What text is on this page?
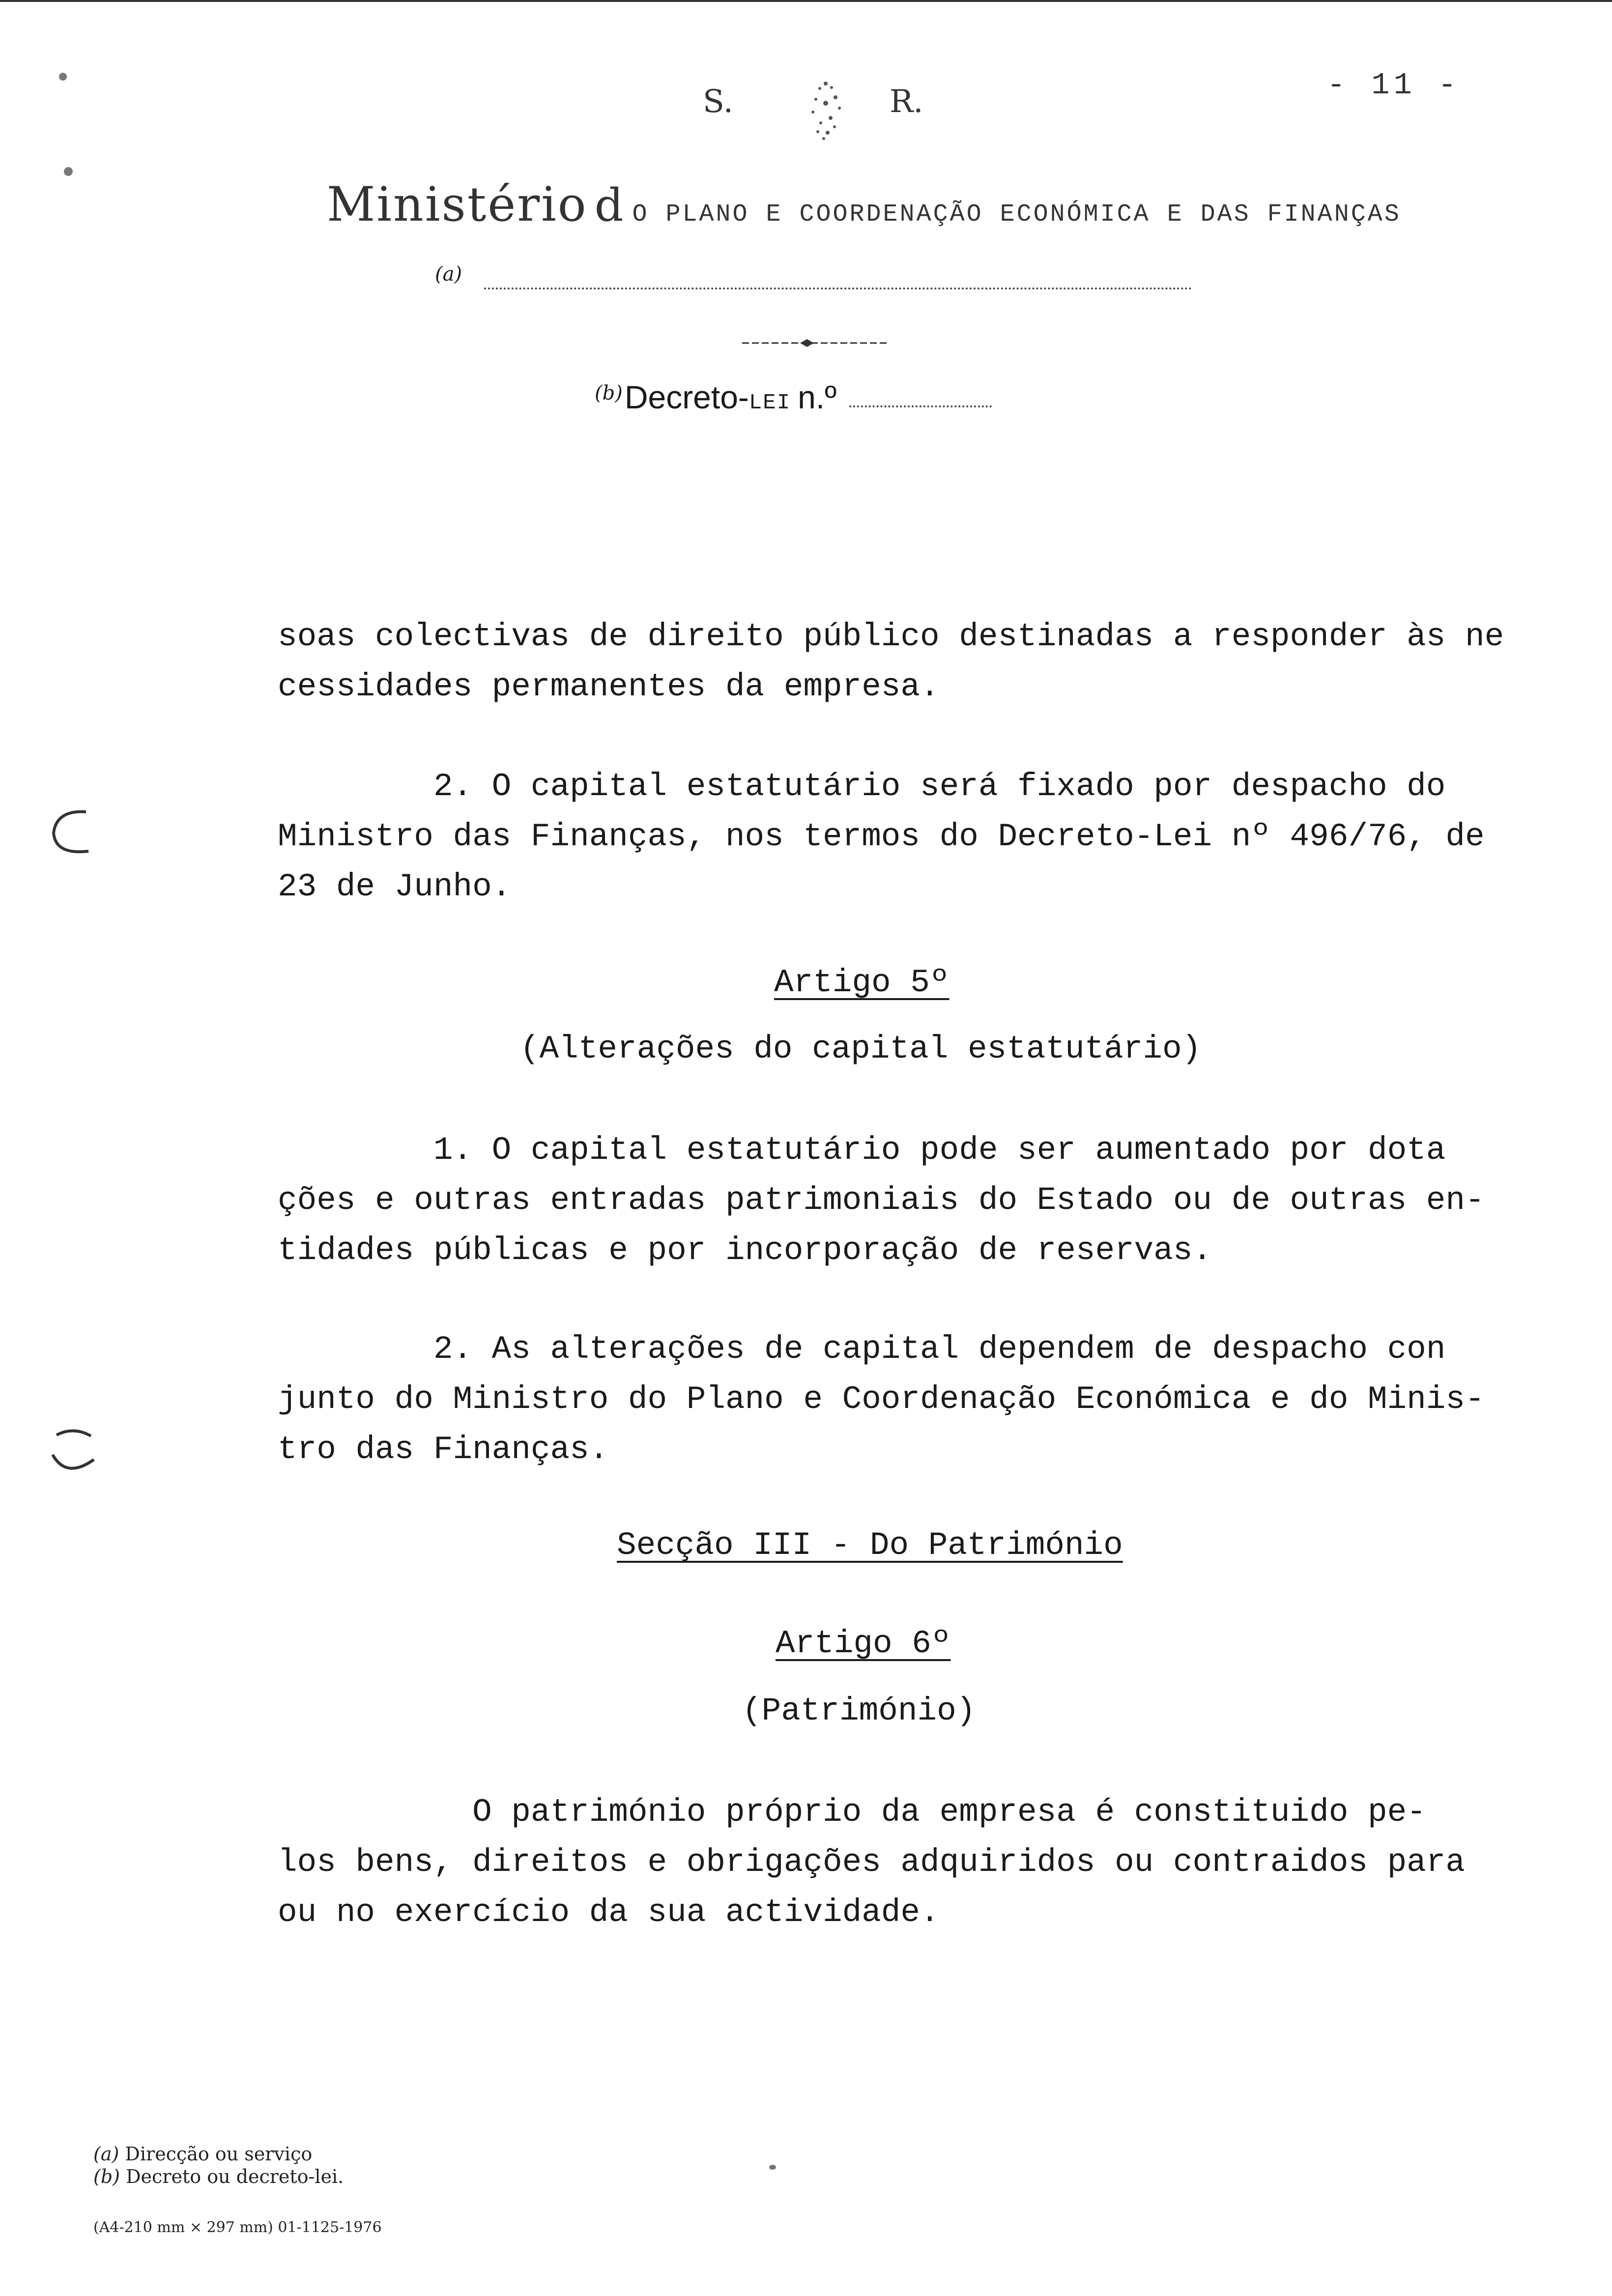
S.	R.	- 11 -
Ministério d O PLANO E COORDENAÇÃO ECONÓMICA E DAS FINANÇAS
(a)
(b)Decreto-LEI n.º
soas colectivas de direito público destinadas a responder às ne
cessidades permanentes da empresa.
2. O capital estatutário será fixado por despacho do
Ministro das Finanças, nos termos do Decreto-Lei nº 496/76, de
23 de Junho.
Artigo 5º
(Alterações do capital estatutário)
1. O capital estatutário pode ser aumentado por dota
ções e outras entradas patrimoniais do Estado ou de outras en-
tidades públicas e por incorporação de reservas.
2. As alterações de capital dependem de despacho con
junto do Ministro do Plano e Coordenação Económica e do Minis-
tro das Finanças.
Secção III - Do Património
Artigo 6º
(Património)
O património próprio da empresa é constituido pe-
los bens, direitos e obrigações adquiridos ou contraidos para
ou no exercício da sua actividade.
(a) Direcção ou serviço
(b) Decreto ou decreto-lei.
(A4-210 mm × 297 mm) 01-1125-1976
